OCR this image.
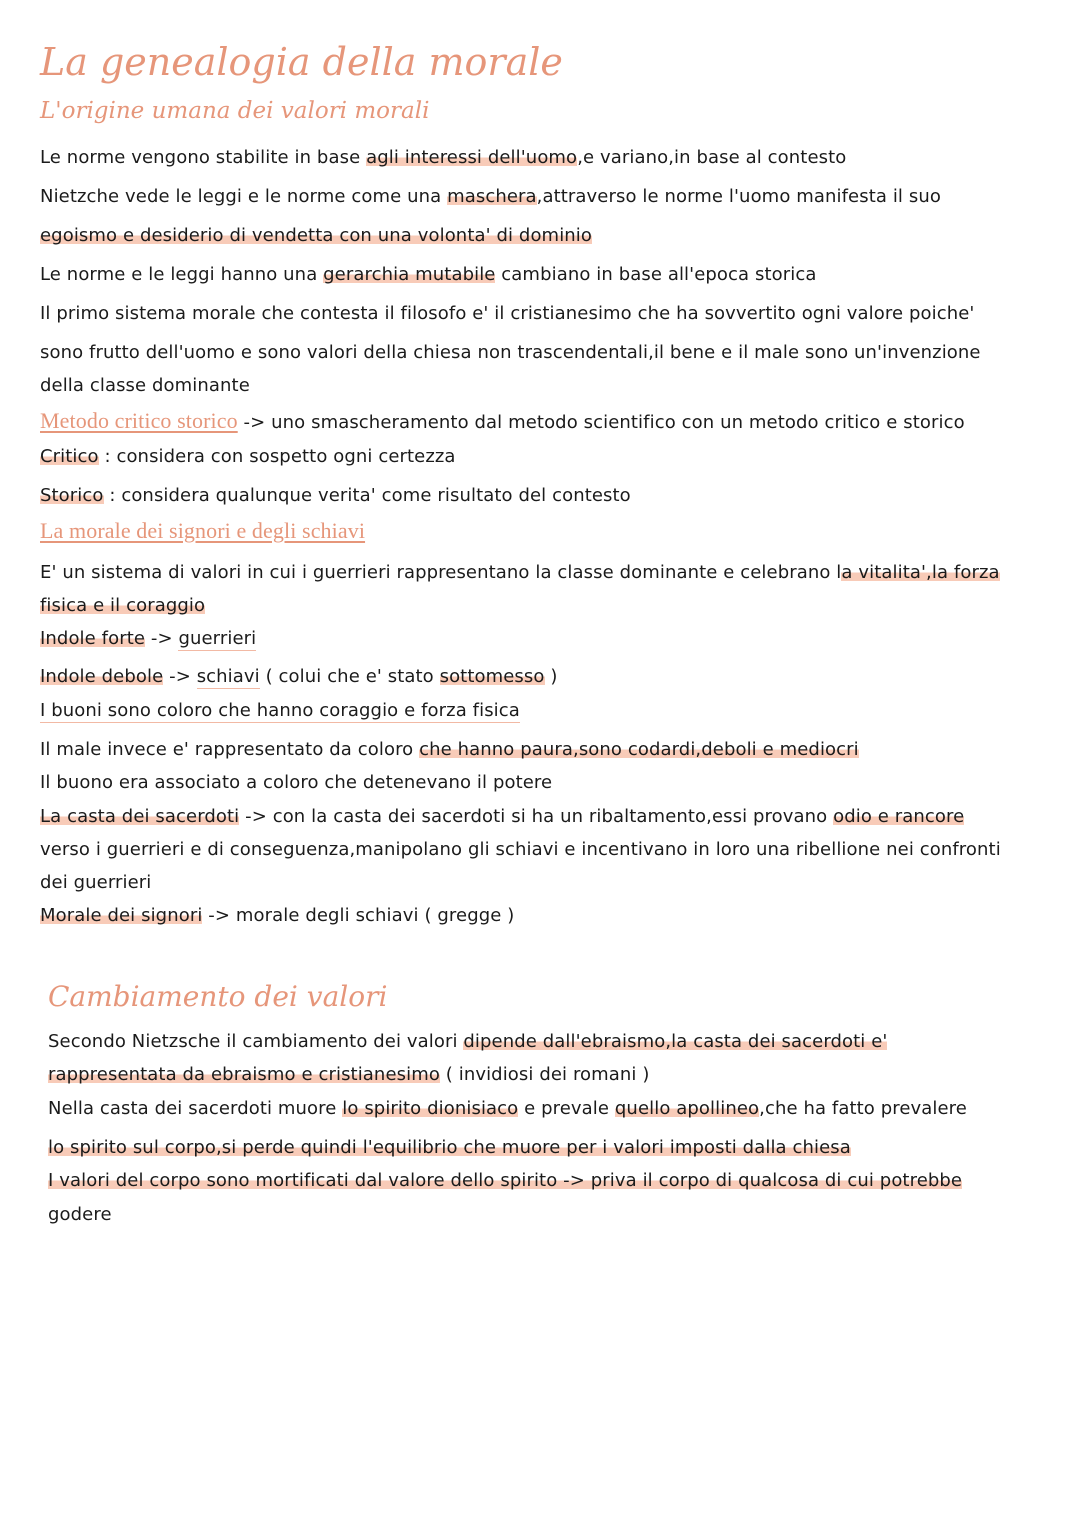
La genealogia della morale
L'origine umana dei valori morali
Le norme vengono stabilite in base agli interessi dell'uomo,e variano,in base al contesto
Nietzche vede le leggi e le norme come una maschera,attraverso le norme l'uomo manifesta il suo
egoismo e desiderio di vendetta con una volonta' di dominio
Le norme e le leggi hanno una gerarchia mutabile cambiano in base all'epoca storica
Il primo sistema morale che contesta il filosofo e' il cristianesimo che ha sovvertito ogni valore poiche'
sono frutto dell'uomo e sono valori della chiesa non trascendentali,il bene e il male sono un'invenzione
della classe dominante
Metodo critico storico -> uno smascheramento dal metodo scientifico con un metodo critico e storico
Critico : considera con sospetto ogni certezza
Storico : considera qualunque verita' come risultato del contesto
La morale dei signori e degli schiavi
E' un sistema di valori in cui i guerrieri rappresentano la classe dominante e celebrano la vitalita',la forza
fisica e il coraggio
Indole forte -> guerrieri
Indole debole -> schiavi ( colui che e' stato sottomesso )
I buoni sono coloro che hanno coraggio e forza fisica
Il male invece e' rappresentato da coloro che hanno paura,sono codardi,deboli e mediocri
Il buono era associato a coloro che detenevano il potere
La casta dei sacerdoti -> con la casta dei sacerdoti si ha un ribaltamento,essi provano odio e rancore
verso i guerrieri e di conseguenza,manipolano gli schiavi e incentivano in loro una ribellione nei confronti
dei guerrieri
Morale dei signori -> morale degli schiavi ( gregge )
Cambiamento dei valori
Secondo Nietzsche il cambiamento dei valori dipende dall'ebraismo,la casta dei sacerdoti e'
rappresentata da ebraismo e cristianesimo ( invidiosi dei romani )
Nella casta dei sacerdoti muore lo spirito dionisiaco e prevale quello apollineo,che ha fatto prevalere
lo spirito sul corpo,si perde quindi l'equilibrio che muore per i valori imposti dalla chiesa
I valori del corpo sono mortificati dal valore dello spirito -> priva il corpo di qualcosa di cui potrebbe
godere
